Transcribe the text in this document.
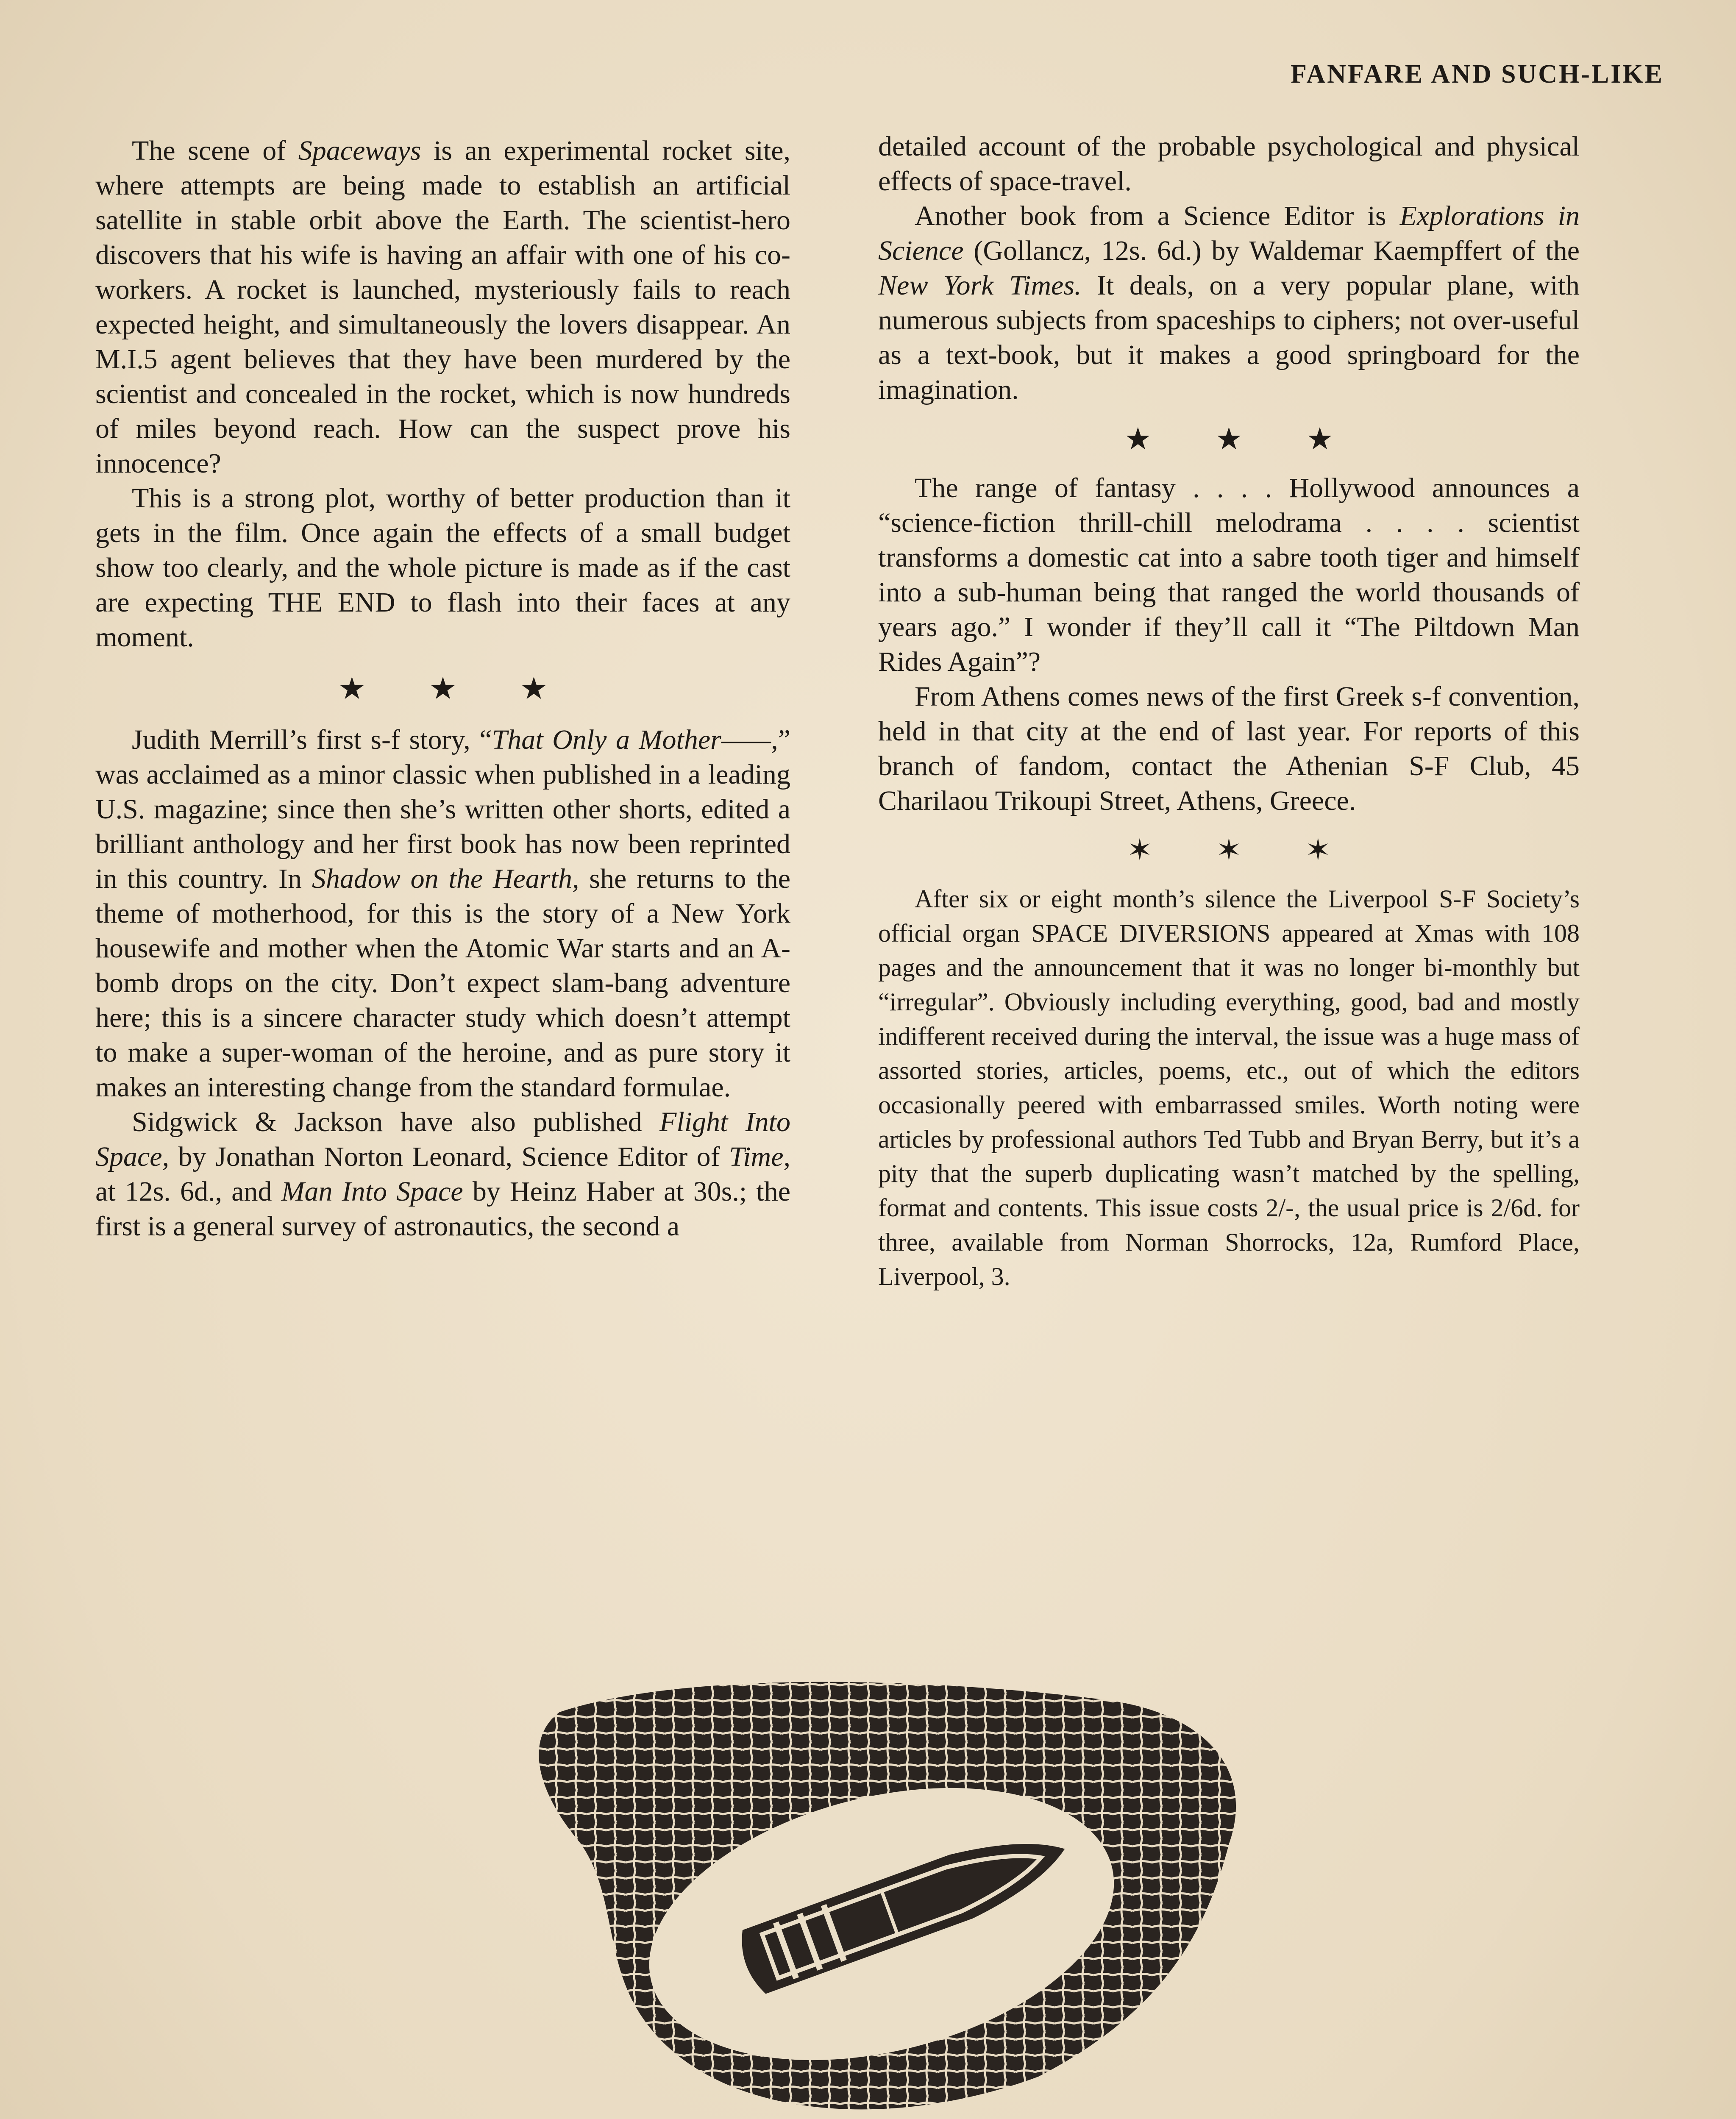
FANFARE AND SUCH-LIKE

The scene of Spaceways is an experimental rocket site, where attempts are being made to establish an artificial satellite in stable orbit above the Earth. The scientist-hero discovers that his wife is having an affair with one of his co-workers. A rocket is launched, mysteriously fails to reach expected height, and simultaneously the lovers disappear. An M.I.5 agent believes that they have been murdered by the scientist and concealed in the rocket, which is now hundreds of miles beyond reach. How can the suspect prove his innocence?

This is a strong plot, worthy of better production than it gets in the film. Once again the effects of a small budget show too clearly, and the whole picture is made as if the cast are expecting THE END to flash into their faces at any moment.

★★★

Judith Merrill’s first s-f story, “That Only a Mother——,” was acclaimed as a minor classic when published in a leading U.S. magazine; since then she’s written other shorts, edited a brilliant anthology and her first book has now been reprinted in this country. In Shadow on the Hearth, she returns to the theme of motherhood, for this is the story of a New York housewife and mother when the Atomic War starts and an A-bomb drops on the city. Don’t expect slam-bang adventure here; this is a sincere character study which doesn’t attempt to make a super-woman of the heroine, and as pure story it makes an interesting change from the standard formulae.

Sidgwick & Jackson have also published Flight Into Space, by Jonathan Norton Leonard, Science Editor of Time, at 12s. 6d., and Man Into Space by Heinz Haber at 30s.; the first is a general survey of astronautics, the second a

detailed account of the probable psychological and physical effects of space-travel.

Another book from a Science Editor is Explorations in Science (Gollancz, 12s. 6d.) by Waldemar Kaempffert of the New York Times. It deals, on a very popular plane, with numerous subjects from spaceships to ciphers; not over-useful as a text-book, but it makes a good springboard for the imagination.

★★★

The range of fantasy . . . . Hollywood announces a “science-fiction thrill-chill melodrama . . . . scientist transforms a domestic cat into a sabre tooth tiger and himself into a sub-human being that ranged the world thousands of years ago.” I wonder if they’ll call it “The Piltdown Man Rides Again”?

From Athens comes news of the first Greek s-f convention, held in that city at the end of last year. For reports of this branch of fandom, contact the Athenian S-F Club, 45 Charilaou Trikoupi Street, Athens, Greece.

✶✶✶

After six or eight month’s silence the Liverpool S-F Society’s official organ SPACE DIVERSIONS appeared at Xmas with 108 pages and the announcement that it was no longer bi-monthly but “irregular”. Obviously including everything, good, bad and mostly indifferent received during the interval, the issue was a huge mass of assorted stories, articles, poems, etc., out of which the editors occasionally peered with embarrassed smiles. Worth noting were articles by professional authors Ted Tubb and Bryan Berry, but it’s a pity that the superb duplicating wasn’t matched by the spelling, format and contents. This issue costs 2/-, the usual price is 2/6d. for three, available from Norman Shorrocks, 12a, Rumford Place, Liverpool, 3.
